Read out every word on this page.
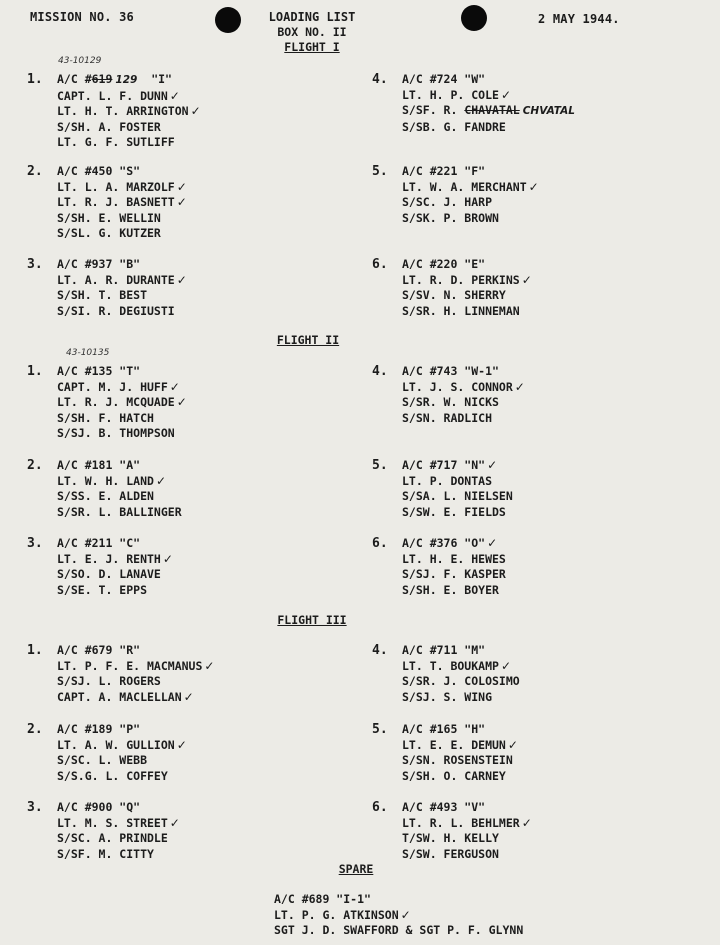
MISSION NO. 36	LOADING LIST
BOX NO. II
2 MAY 1944.
FLIGHT I
43-10129
1. A/C #619 129 "I"
CAPT. L. F. DUNN ✓
LT. H. T. ARRINGTON ✓
S/SH. A. FOSTER
LT. G. F. SUTLIFF
2. A/C #450 "S"
LT. L. A. MARZOLF ✓
LT. R. J. BASNETT ✓
S/SH. E. WELLIN
S/SL. G. KUTZER
3. A/C #937 "B"
LT. A. R. DURANTE ✓
S/SH. T. BEST
S/SI. R. DEGIUSTI
4. A/C #724 "W"
LT. H. P. COLE ✓
S/SF. R. CHAVATAL CHVATAL
S/SB. G. FANDRE
5. A/C #221 "F"
LT. W. A. MERCHANT ✓
S/SC. J. HARP
S/SK. P. BROWN
6. A/C #220 "E"
LT. R. D. PERKINS ✓
S/SV. N. SHERRY
S/SR. H. LINNEMAN
FLIGHT II
43-10135
1. A/C #135 "T"
CAPT. M. J. HUFF ✓
LT. R. J. MCQUADE ✓
S/SH. F. HATCH
S/SJ. B. THOMPSON
2. A/C #181 "A"
LT. W. H. LAND ✓
S/SS. E. ALDEN
S/SR. L. BALLINGER
3. A/C #211 "C"
LT. E. J. RENTH ✓
S/SO. D. LANAVE
S/SE. T. EPPS
4. A/C #743 "W-1"
LT. J. S. CONNOR ✓
S/SR. W. NICKS
S/SN. RADLICH
5. A/C #717 "N" ✓
LT. P. DONTAS
S/SA. L. NIELSEN
S/SW. E. FIELDS
6. A/C #376 "O" ✓
LT. H. E. HEWES
S/SJ. F. KASPER
S/SH. E. BOYER
FLIGHT III
1. A/C #679 "R"
LT. P. F. E. MACMANUS ✓
S/SJ. L. ROGERS
CAPT. A. MACLELLAN ✓
2. A/C #189 "P"
LT. A. W. GULLION ✓
S/SC. L. WEBB
S/S.G. L. COFFEY
3. A/C #900 "Q"
LT. M. S. STREET ✓
S/SC. A. PRINDLE
S/SF. M. CITTY
4. A/C #711 "M"
LT. T. BOUKAMP ✓
S/SR. J. COLOSIMO
S/SJ. S. WING
5. A/C #165 "H"
LT. E. E. DEMUN ✓
S/SN. ROSENSTEIN
S/SH. O. CARNEY
6. A/C #493 "V"
LT. R. L. BEHLMER ✓
T/SW. H. KELLY
S/SW. FERGUSON
SPARE
A/C #689 "I-1"
LT. P. G. ATKINSON ✓
SGT J. D. SWAFFORD & SGT P. F. GLYNN
